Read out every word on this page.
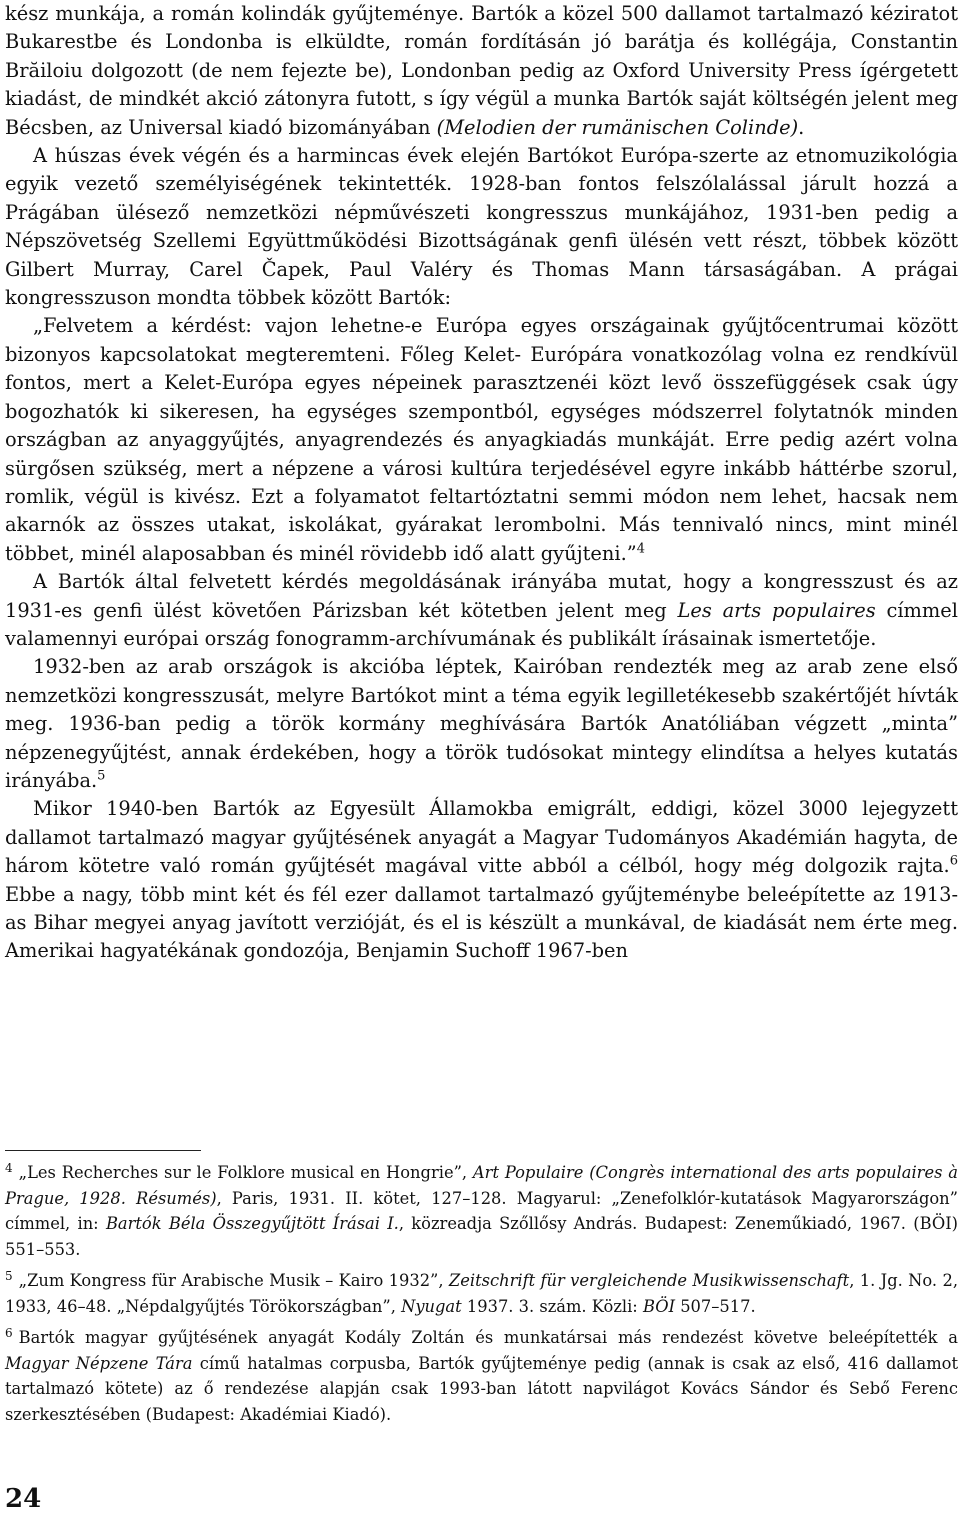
kész munkája, a román kolindák gyűjteménye. Bartók a közel 500 dallamot tartalmazó kéziratot Bukarestbe és Londonba is elküldte, román fordításán jó barátja és kollégája, Constantin Brăiloiu dolgozott (de nem fejezte be), Londonban pedig az Oxford University Press ígérgetett kiadást, de mindkét akció zátonyra futott, s így végül a munka Bartók saját költségén jelent meg Bécsben, az Universal kiadó bizományában (Melodien der rumänischen Colinde).

A húszas évek végén és a harmincas évek elején Bartókot Európa-szerte az etnomuzikológia egyik vezető személyiségének tekintették. 1928-ban fontos felszólalással járult hozzá a Prágában ülésező nemzetközi népművészeti kongresszus munkájához, 1931-ben pedig a Népszövetség Szellemi Együttműködési Bizottságának genfi ülésén vett részt, többek között Gilbert Murray, Carel Čapek, Paul Valéry és Thomas Mann társaságában. A prágai kongresszuson mondta többek között Bartók:

„Felvetem a kérdést: vajon lehetne-e Európa egyes országainak gyűjtőcentrumai között bizonyos kapcsolatokat megteremteni. Főleg Kelet- Európára vonatkozólag volna ez rendkívül fontos, mert a Kelet-Európa egyes népeinek parasztzenéi közt levő összefüggések csak úgy bogozhatók ki sikeresen, ha egységes szempontból, egységes módszerrel folytatnók minden országban az anyaggyűjtés, anyagrendezés és anyagkiadás munkáját. Erre pedig azért volna sürgősen szükség, mert a népzene a városi kultúra terjedésével egyre inkább háttérbe szorul, romlik, végül is kivész. Ezt a folyamatot feltartóztatni semmi módon nem lehet, hacsak nem akarnók az összes utakat, iskolákat, gyárakat lerombolni. Más tennivaló nincs, mint minél többet, minél alaposabban és minél rövidebb idő alatt gyűjteni.”$^4$

A Bartók által felvetett kérdés megoldásának irányába mutat, hogy a kongresszust és az 1931-es genfi ülést követően Párizsban két kötetben jelent meg Les arts populaires címmel valamennyi európai ország fonogramm-archívumának és publikált írásainak ismertetője.

1932-ben az arab országok is akcióba léptek, Kairóban rendezték meg az arab zene első nemzetközi kongresszusát, melyre Bartókot mint a téma egyik legilletékesebb szakértőjét hívták meg. 1936-ban pedig a török kormány meghívására Bartók Anatóliában végzett „minta” népzenegyűjtést, annak érdekében, hogy a török tudósokat mintegy elindítsa a helyes kutatás irányába.$^5$

Mikor 1940-ben Bartók az Egyesült Államokba emigrált, eddigi, közel 3000 lejegyzett dallamot tartalmazó magyar gyűjtésének anyagát a Magyar Tudományos Akadémián hagyta, de három kötetre való román gyűjtését magával vitte abból a célból, hogy még dolgozik rajta.$^6$ Ebbe a nagy, több mint két és fél ezer dallamot tartalmazó gyűjteménybe beleépítette az 1913-as Bihar megyei anyag javított verzióját, és el is készült a munkával, de kiadását nem érte meg. Amerikai hagyatékának gondozója, Benjamin Suchoff 1967-ben

$^4$ „Les Recherches sur le Folklore musical en Hongrie”, Art Populaire (Congrès international des arts populaires à Prague, 1928. Résumés), Paris, 1931. II. kötet, 127–128. Magyarul: „Zenefolklór-kutatások Magyarországon” címmel, in: Bartók Béla Összegyűjtött Írásai I., közreadja Szőllősy András. Budapest: Zeneműkiadó, 1967. (BÖI) 551–553.

$^5$ „Zum Kongress für Arabische Musik – Kairo 1932”, Zeitschrift für vergleichende Musikwissenschaft, 1. Jg. No. 2, 1933, 46–48. „Népdalgyűjtés Törökországban”, Nyugat 1937. 3. szám. Közli: BÖI 507–517.

$^6$ Bartók magyar gyűjtésének anyagát Kodály Zoltán és munkatársai más rendezést követve beleépítették a Magyar Népzene Tára című hatalmas corpusba, Bartók gyűjteménye pedig (annak is csak az első, 416 dallamot tartalmazó kötete) az ő rendezése alapján csak 1993-ban látott napvilágot Kovács Sándor és Sebő Ferenc szerkesztésében (Budapest: Akadémiai Kiadó).

24
